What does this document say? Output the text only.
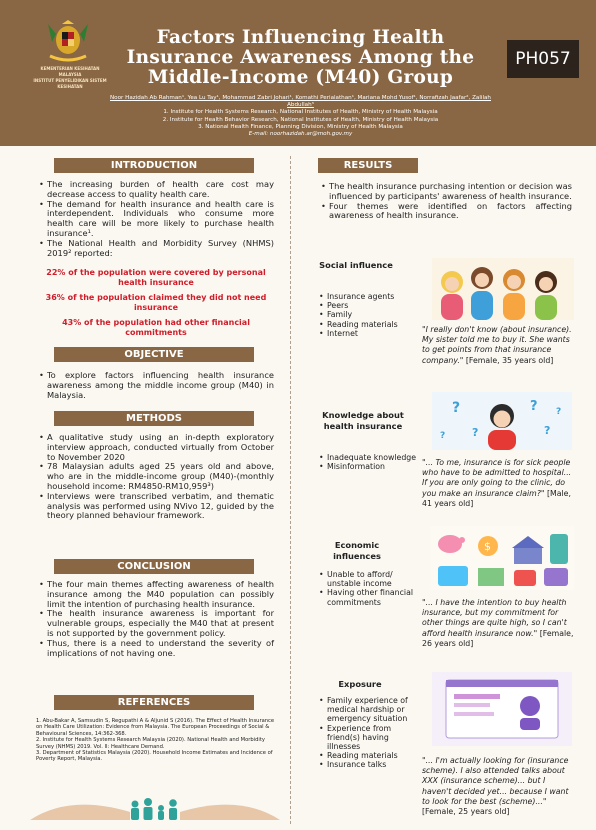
KEMENTERIAN KESIHATAN MALAYSIA
INSTITUT PENYELIDIKAN SISTEM KESIHATAN
Factors Influencing Health Insurance Awareness Among the Middle-Income (M40) Group
PH057
Noor Hazidah Ab Rahman¹, Yea Lu Tay¹, Mohammad Zabri Johari¹, Komathi Perialathan¹, Mariana Mohd Yusof¹, Norrafizah Jaafar², Zalilah Abdullah³
1. Institute for Health Systems Research, National Institutes of Health, Ministry of Health Malaysia
2. Institute for Health Behavior Research, National Institutes of Health, Ministry of Health Malaysia
3. National Health Finance, Planning Division, Ministry of Health Malaysia
E-mail: noorhazidah.ar@moh.gov.my
INTRODUCTION
• The increasing burden of health care cost may decrease access to quality health care.
• The demand for health insurance and health care is interdependent. Individuals who consume more health care will be more likely to purchase health insurance¹.
• The National Health and Morbidity Survey (NHMS) 2019² reported:
22% of the population were covered by personal health insurance
36% of the population claimed they did not need insurance
43% of the population had other financial commitments
OBJECTIVE
• To explore factors influencing health insurance awareness among the middle income group (M40) in Malaysia.
METHODS
• A qualitative study using an in-depth exploratory interview approach, conducted virtually from October to November 2020
• 78 Malaysian adults aged 25 years old and above, who are in the middle-income group (M40)-(monthly household income: RM4850-RM10,959³)
• Interviews were transcribed verbatim, and thematic analysis was performed using NVivo 12, guided by the theory planned behaviour framework.
CONCLUSION
• The four main themes affecting awareness of health insurance among the M40 population can possibly limit the intention of purchasing health insurance.
• The health insurance awareness is important for vulnerable groups, especially the M40 that at present is not supported by the government policy.
• Thus, there is a need to understand the severity of implications of not having one.
REFERENCES
1. Abu-Bakar A, Samsudin S, Regupathi A & Aljunid S (2016). The Effect of Health Insurance on Health Care Utilization: Evidence from Malaysia. The European Proceedings of Social & Behavioural Sciences, 14:362-368.
2. Institute for Health Systems Research Malaysia (2020). National Health and Morbidity Survey (NHMS) 2019. Vol. II: Healthcare Demand.
3. Department of Statistics Malaysia (2020). Household Income Estimates and Incidence of Poverty Report, Malaysia.
RESULTS
• The health insurance purchasing intention or decision was influenced by participants' awareness of health insurance.
• Four themes were identified on factors affecting awareness of health insurance.
Social influence
• Insurance agents
• Peers
• Family
• Reading materials
• Internet	"I really don't know (about insurance). My sister told me to buy it. She wants to get points from that insurance company." [Female, 35 years old]
Knowledge about health insurance
• Inadequate knowledge
• Misinformation
?
?
?
?
?
?
"... To me, insurance is for sick people who have to be admitted to hospital... If you are only going to the clinic, do you make an insurance claim?" [Male, 41 years old]
Economic influences
• Unable to afford/ unstable income
• Having other financial commitments
$
"... I have the intention to buy health insurance, but my commitment for other things are quite high, so I can't afford health insurance now." [Female, 26 years old]
Exposure
• Family experience of medical hardship or emergency situation
• Experience from friend(s) having illnesses
• Reading materials
• Insurance talks	"... I'm actually looking for (insurance scheme). I also attended talks about XXX (insurance scheme)... but I haven't decided yet... because I want to look for the best (scheme)..." [Female, 25 years old]
